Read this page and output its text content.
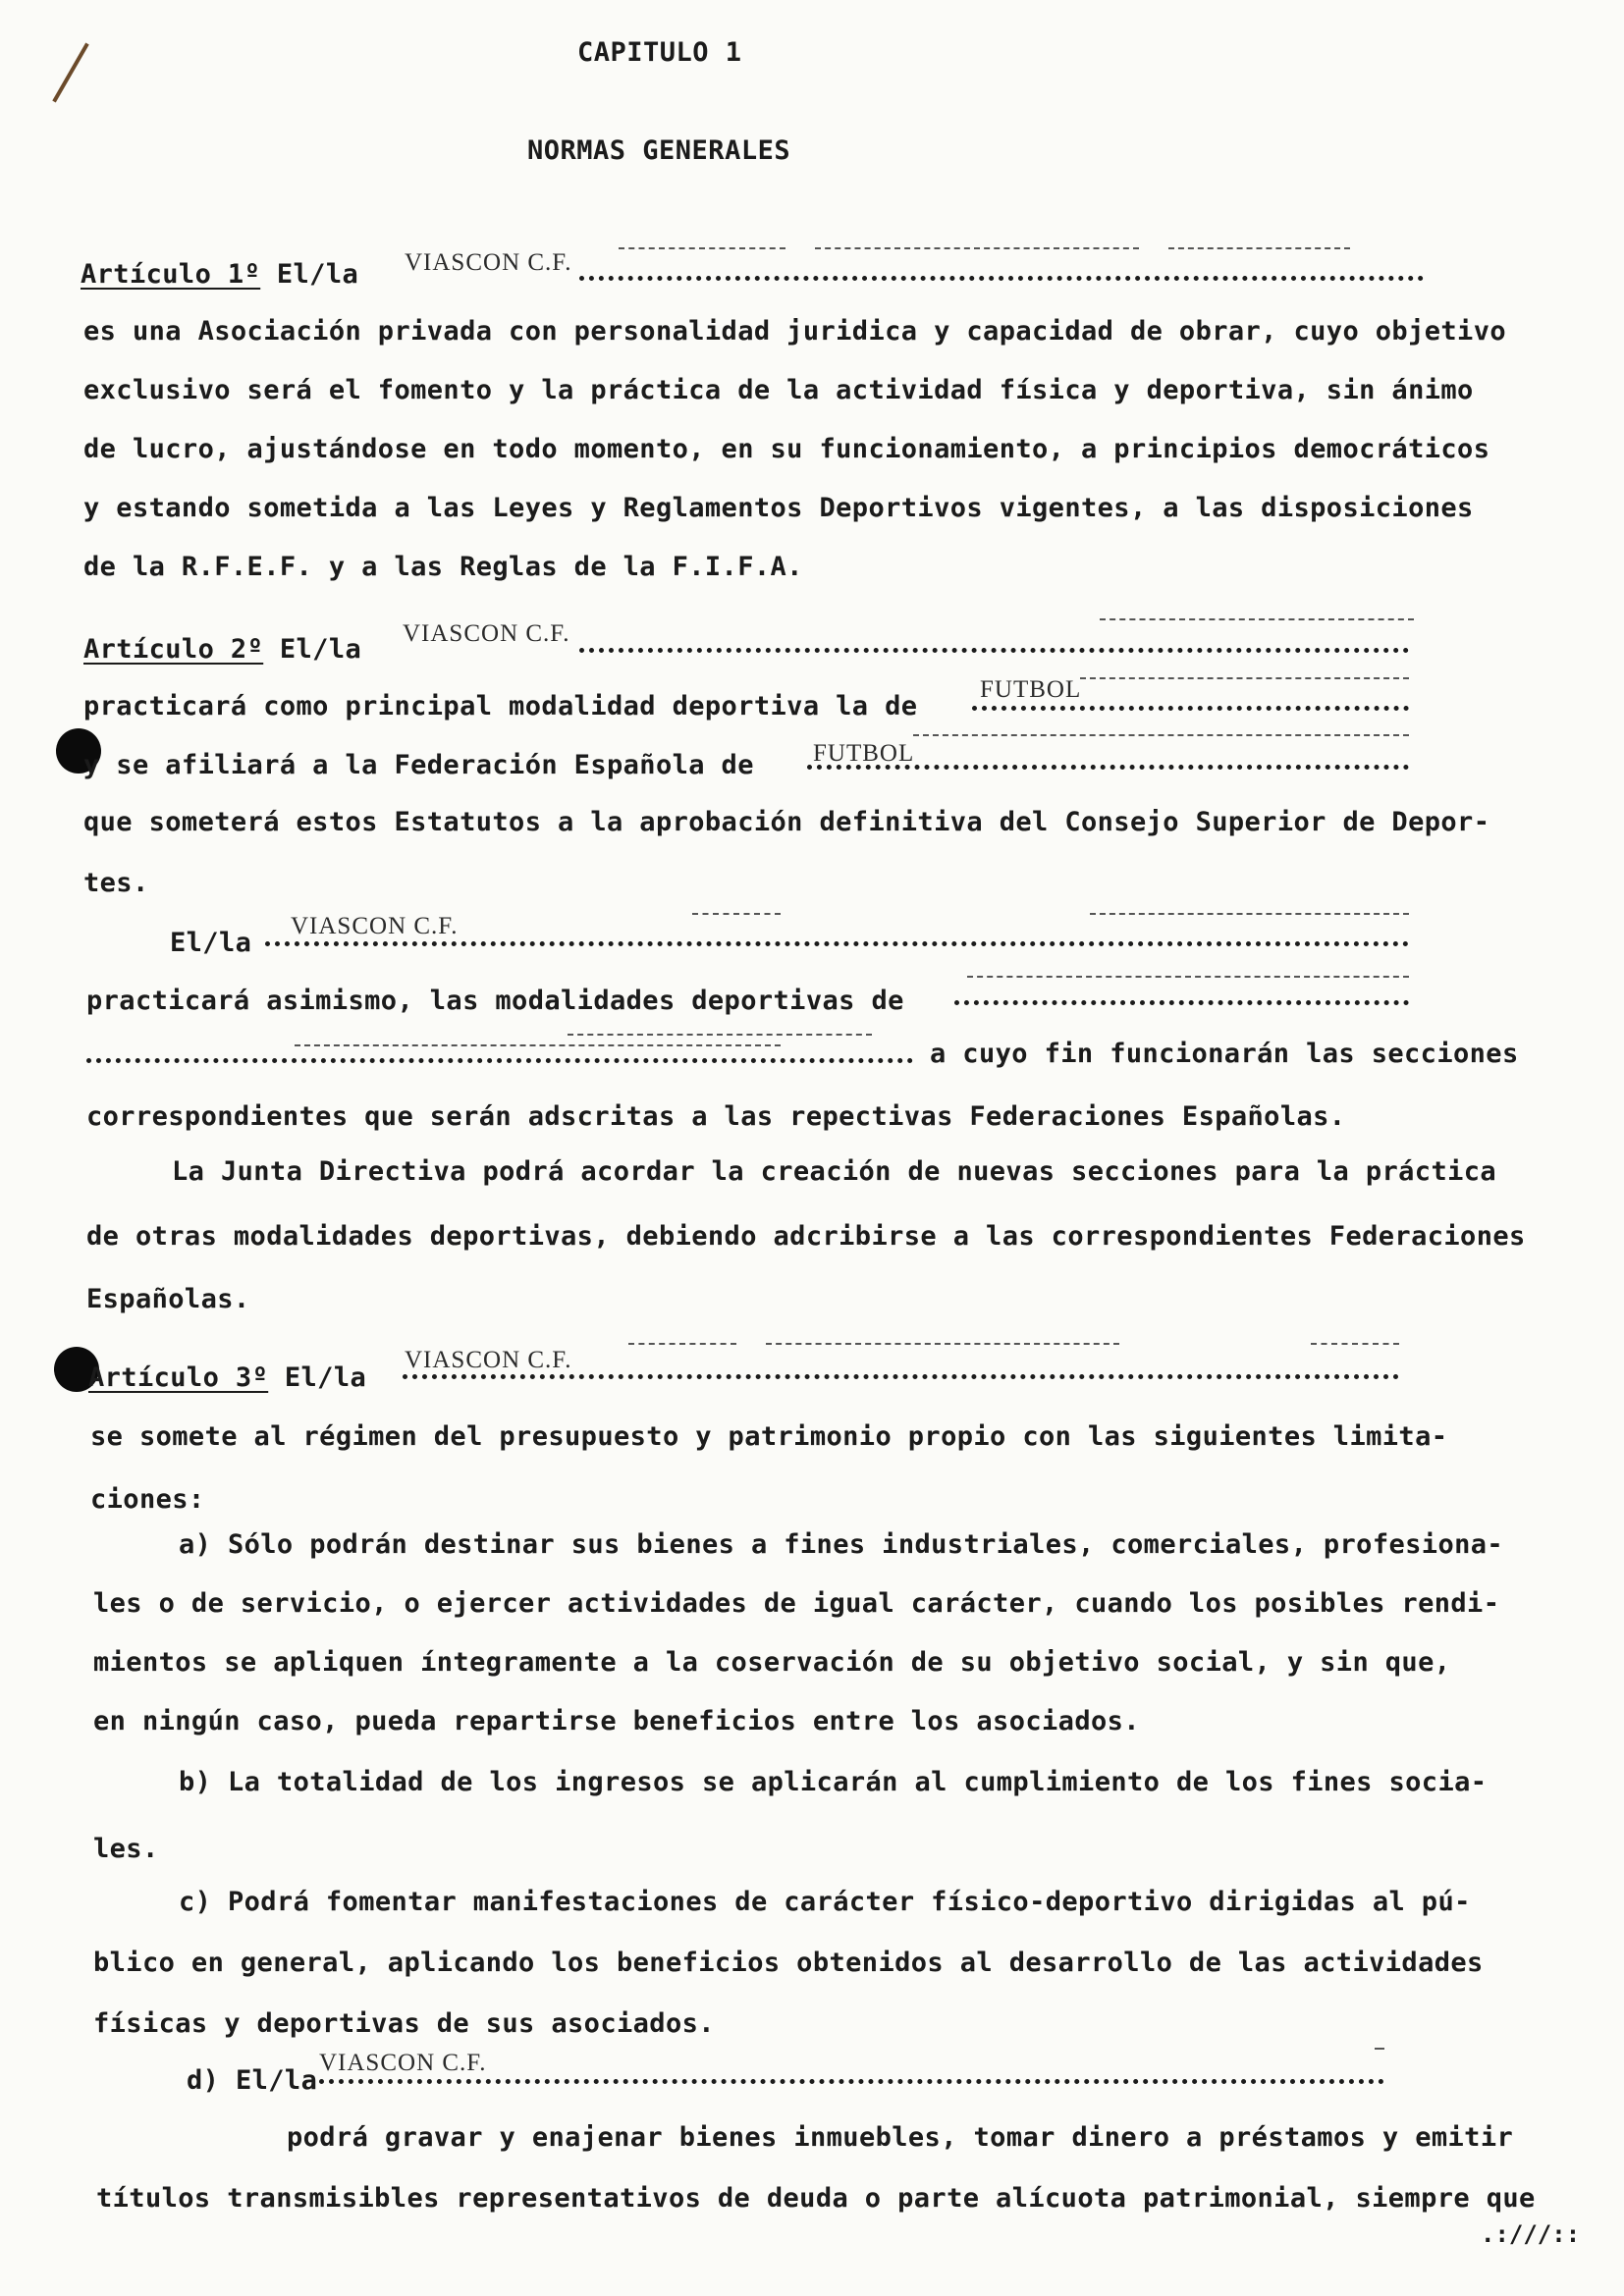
CAPITULO 1
NORMAS GENERALES
Artículo 1º El/la VIASCON C.F.
es una Asociación privada con personalidad juridica y capacidad de obrar, cuyo objetivo
exclusivo será el fomento y la práctica de la actividad física y deportiva, sin ánimo
de lucro, ajustándose en todo momento, en su funcionamiento, a principios democráticos
y estando sometida a las Leyes y Reglamentos Deportivos vigentes, a las disposiciones
de la R.F.E.F. y a las Reglas de la F.I.F.A.
Artículo 2º El/la
VIASCON C.F.
practicará como principal modalidad deportiva la de
FUTBOL
y se afiliará a la Federación Española de FUTBOL
que someterá estos Estatutos a la aprobación definitiva del Consejo Superior de Depor-
tes.
El/la
VIASCON C.F.
practicará asimismo, las modalidades deportivas de
a cuyo fin funcionarán las secciones
correspondientes que serán adscritas a las repectivas Federaciones Españolas.
La Junta Directiva podrá acordar la creación de nuevas secciones para la práctica
de otras modalidades deportivas, debiendo adcribirse a las correspondientes Federaciones
Españolas.
Artículo 3º El/la
VIASCON C.F.
se somete al régimen del presupuesto y patrimonio propio con las siguientes limita-
ciones:
a) Sólo podrán destinar sus bienes a fines industriales, comerciales, profesiona-
les o de servicio, o ejercer actividades de igual carácter, cuando los posibles rendi-
mientos se apliquen íntegramente a la coservación de su objetivo social, y sin que,
en ningún caso, pueda repartirse beneficios entre los asociados.
b) La totalidad de los ingresos se aplicarán al cumplimiento de los fines socia-
les.
c) Podrá fomentar manifestaciones de carácter físico-deportivo dirigidas al pú-
blico en general, aplicando los beneficios obtenidos al desarrollo de las actividades
físicas y deportivas de sus asociados.
d) El/la
VIASCON C.F.
podrá gravar y enajenar bienes inmuebles, tomar dinero a préstamos y emitir
títulos transmisibles representativos de deuda o parte alícuota patrimonial, siempre que
.:///::
